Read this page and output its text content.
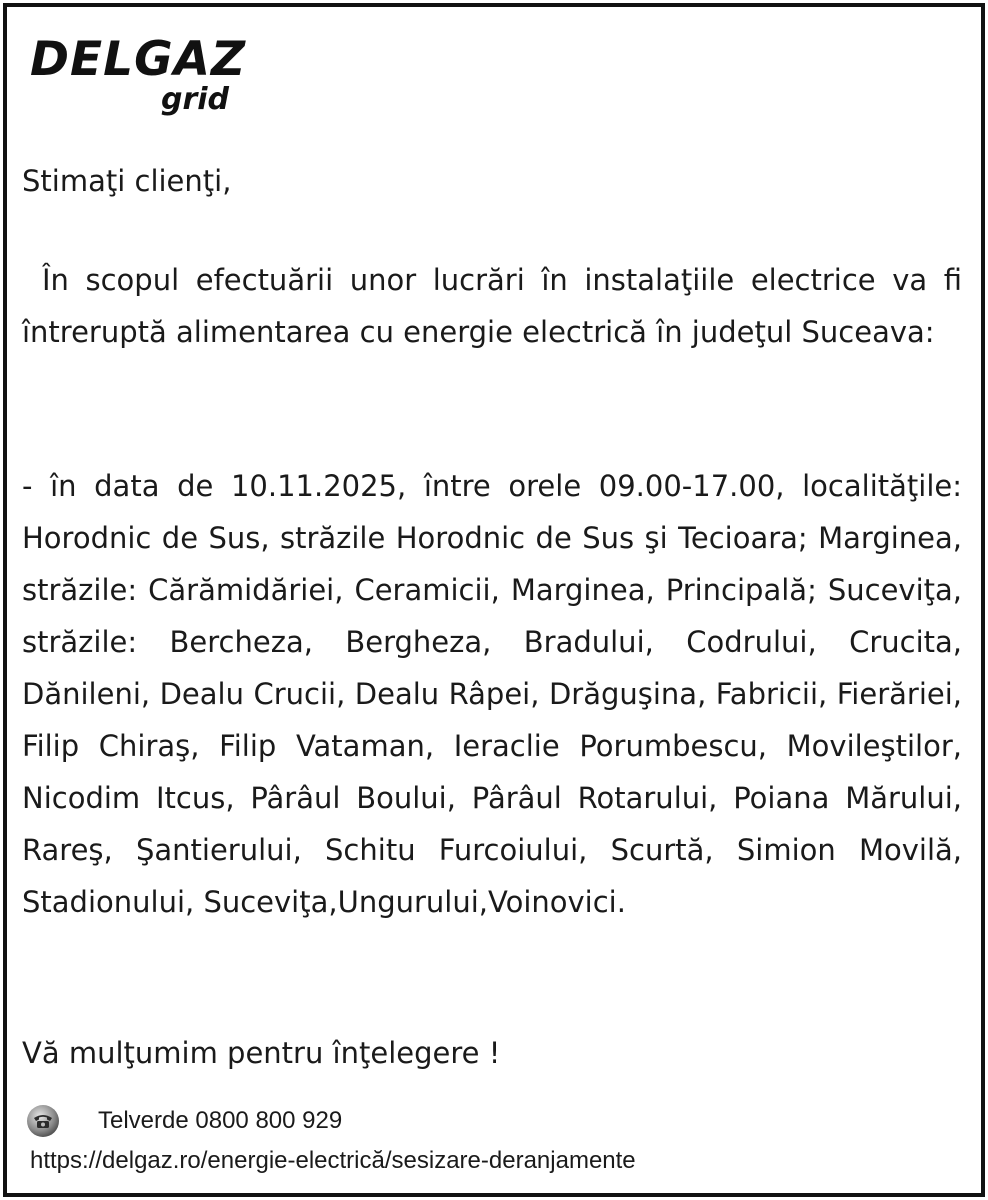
DELGAZ
grid

Stimaţi clienţi,

În scopul efectuării unor lucrări în instalaţiile electrice va fi întreruptă alimentarea cu energie electrică în judeţul Suceava:

- în data de 10.11.2025, între orele 09.00-17.00, localităţile: Horodnic de Sus, străzile Horodnic de Sus şi Tecioara; Marginea, străzile: Cărămidăriei, Ceramicii, Marginea, Principală; Suceviţa, străzile: Bercheza, Bergheza, Bradului, Codrului, Crucita, Dănileni, Dealu Crucii, Dealu Râpei, Drăguşina, Fabricii, Fierăriei, Filip Chiraş, Filip Vataman, Ieraclie Porumbescu, Movileştilor, Nicodim Itcus, Pârâul Boului, Pârâul Rotarului, Poiana Mărului, Rareş, Şantierului, Schitu Furcoiului, Scurtă, Simion Movilă, Stadionului, Suceviţa,Ungurului,Voinovici.

Vă mulţumim pentru înţelegere !

Telverde 0800 800 929

https://delgaz.ro/energie-electrică/sesizare-deranjamente
